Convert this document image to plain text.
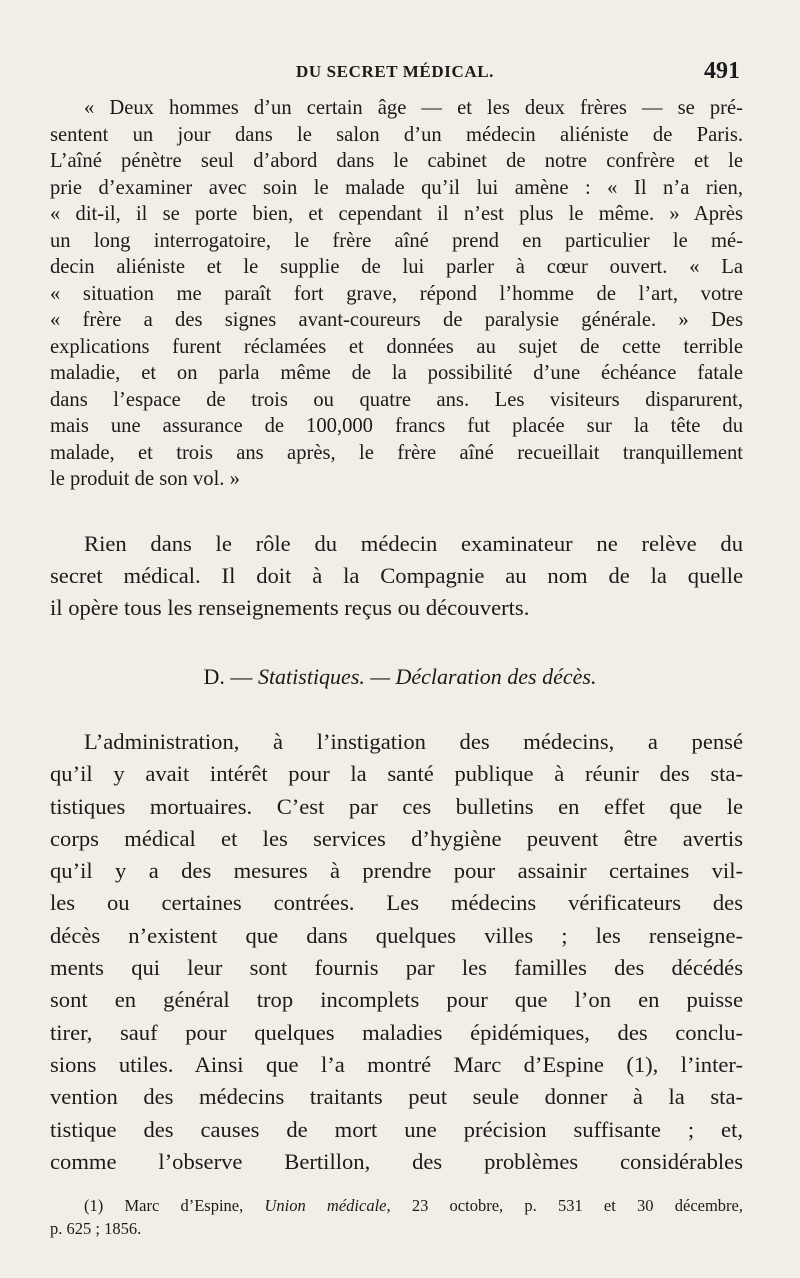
DU SECRET MÉDICAL.	491
« Deux hommes d’un certain âge — et les deux frères — se pré-
sentent un jour dans le salon d’un médecin aliéniste de Paris.
L’aîné pénètre seul d’abord dans le cabinet de notre confrère et le
prie d’examiner avec soin le malade qu’il lui amène : « Il n’a rien,
« dit-il, il se porte bien, et cependant il n’est plus le même. » Après
un long interrogatoire, le frère aîné prend en particulier le mé-
decin aliéniste et le supplie de lui parler à cœur ouvert. « La
« situation me paraît fort grave, répond l’homme de l’art, votre
« frère a des signes avant-coureurs de paralysie générale. » Des
explications furent réclamées et données au sujet de cette terrible
maladie, et on parla même de la possibilité d’une échéance fatale
dans l’espace de trois ou quatre ans. Les visiteurs disparurent,
mais une assurance de 100,000 francs fut placée sur la tête du
malade, et trois ans après, le frère aîné recueillait tranquillement
le produit de son vol. »
Rien dans le rôle du médecin examinateur ne relève du
secret médical. Il doit à la Compagnie au nom de la quelle
il opère tous les renseignements reçus ou découverts.
D. — Statistiques. — Déclaration des décès.
L’administration, à l’instigation des médecins, a pensé
qu’il y avait intérêt pour la santé publique à réunir des sta-
tistiques mortuaires. C’est par ces bulletins en effet que le
corps médical et les services d’hygiène peuvent être avertis
qu’il y a des mesures à prendre pour assainir certaines vil-
les ou certaines contrées. Les médecins vérificateurs des
décès n’existent que dans quelques villes ; les renseigne-
ments qui leur sont fournis par les familles des décédés
sont en général trop incomplets pour que l’on en puisse
tirer, sauf pour quelques maladies épidémiques, des conclu-
sions utiles. Ainsi que l’a montré Marc d’Espine (1), l’inter-
vention des médecins traitants peut seule donner à la sta-
tistique des causes de mort une précision suffisante ; et,
comme l’observe Bertillon, des problèmes considérables
(1) Marc d’Espine, Union médicale, 23 octobre, p. 531 et 30 décembre,
p. 625 ; 1856.
